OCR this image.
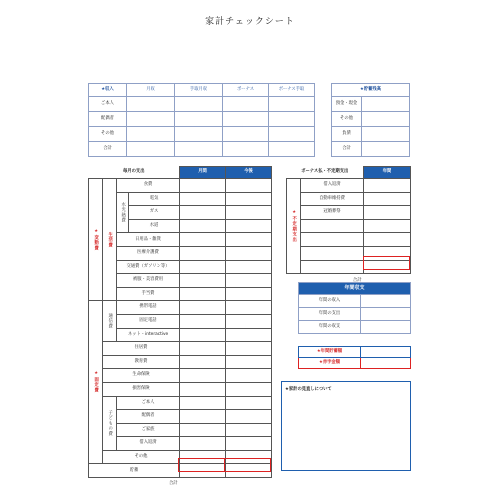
家計チェックシート
★収入	月収	手取月収	ボーナス	ボーナス手取
ご本人				
配偶者				
その他				
合計				
★貯蓄残高	
預金・現金	
その他	
負債	
合計	
毎月の支出				月間	今後
★変動費	生活費	食費			
		水光熱費	電気		
			ガス		
			水道		
		日用品・雑貨			
		医療介護費			
		交通費（ガソリン等）			
		被服・美容費用			
		手当費			
★固定費	通信費	携帯電話			
		固定電話			
		ネット・interactive			
	住居費				
	教育費				
	生命保険				
	損害保険				
	子どもの費	ご本人			
		配偶者			
		ご家族			
		借入返済			
	その他				
貯蓄					
合計					
ボーナス払・不定期支出		年間
★不定期支出	借入返済	
	自動車維持費	
	冠婚葬祭	

合計		
年間収支	
年間の収入	
年間の支出	
年間の収支	
★年間貯蓄額	
★赤字金額	
★家計の見直しについて
